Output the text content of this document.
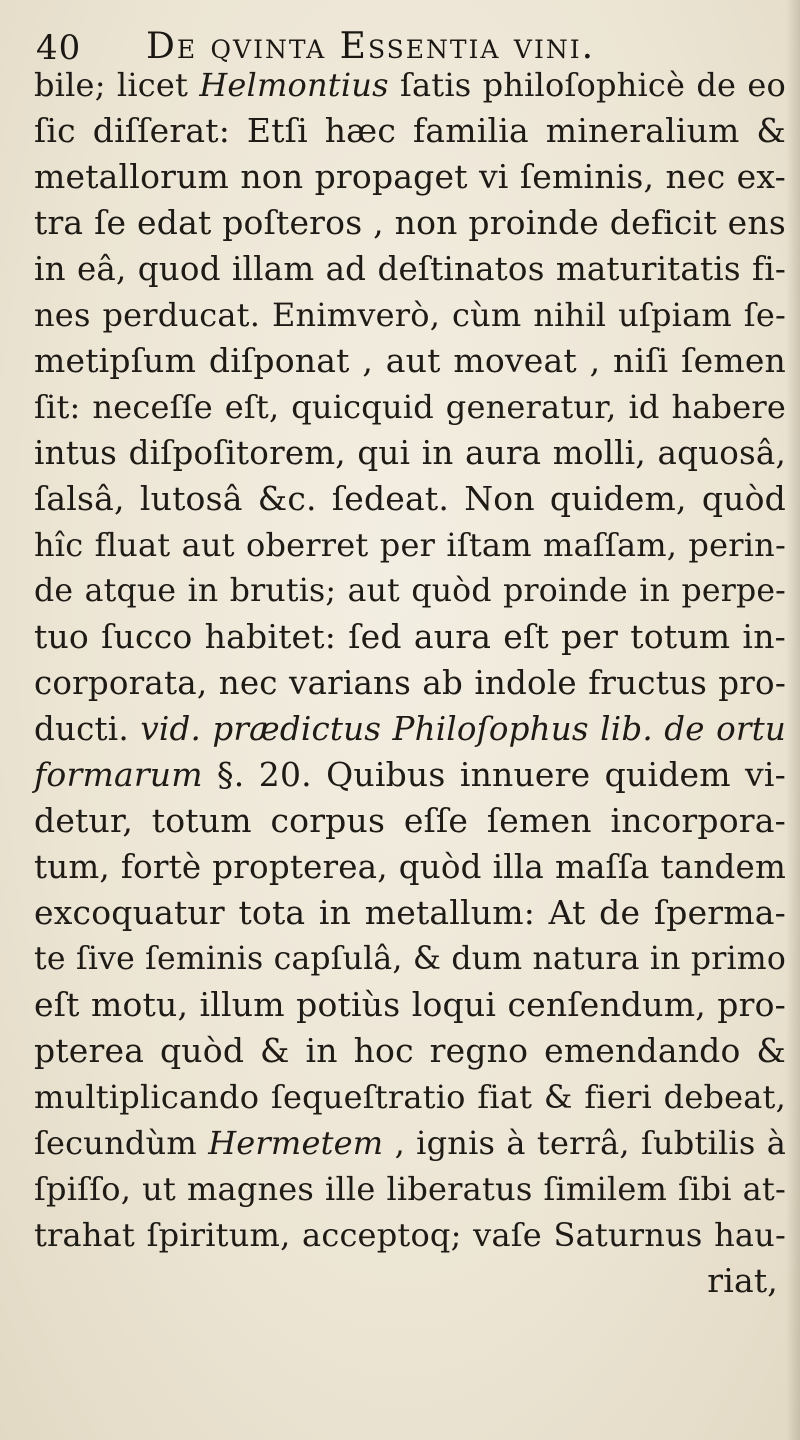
40 De qvinta Essentia vini.
bile; licet Helmontius ſatis philoſophicè de eo
ſic diſſerat: Etſi hæc familia mineralium &
metallorum non propaget vi ſeminis, nec ex-
tra ſe edat poſteros , non proinde deficit ens
in eâ, quod illam ad deſtinatos maturitatis fi-
nes perducat. Enimverò, cùm nihil uſpiam ſe-
metipſum diſponat , aut moveat , niſi ſemen
ſit: neceſſe eſt, quicquid generatur, id habere
intus diſpoſitorem, qui in aura molli, aquosâ,
ſalsâ, lutosâ &c. ſedeat. Non quidem, quòd
hîc fluat aut oberret per iſtam maſſam, perin-
de atque in brutis; aut quòd proinde in perpe-
tuo ſucco habitet: ſed aura eſt per totum in-
corporata, nec varians ab indole fructus pro-
ducti. vid. prædictus Philoſophus lib. de ortu
formarum §. 20. Quibus innuere quidem vi-
detur, totum corpus eſſe ſemen incorpora-
tum, fortè propterea, quòd illa maſſa tandem
excoquatur tota in metallum: At de ſperma-
te ſive ſeminis capſulâ, & dum natura in primo
eſt motu, illum potiùs loqui cenſendum, pro-
pterea quòd & in hoc regno emendando &
multiplicando ſequeſtratio fiat & fieri debeat,
ſecundùm Hermetem , ignis à terrâ, ſubtilis à
ſpiſſo, ut magnes ille liberatus ſimilem ſibi at-
trahat ſpiritum, acceptoq; vaſe Saturnus hau-
riat,
